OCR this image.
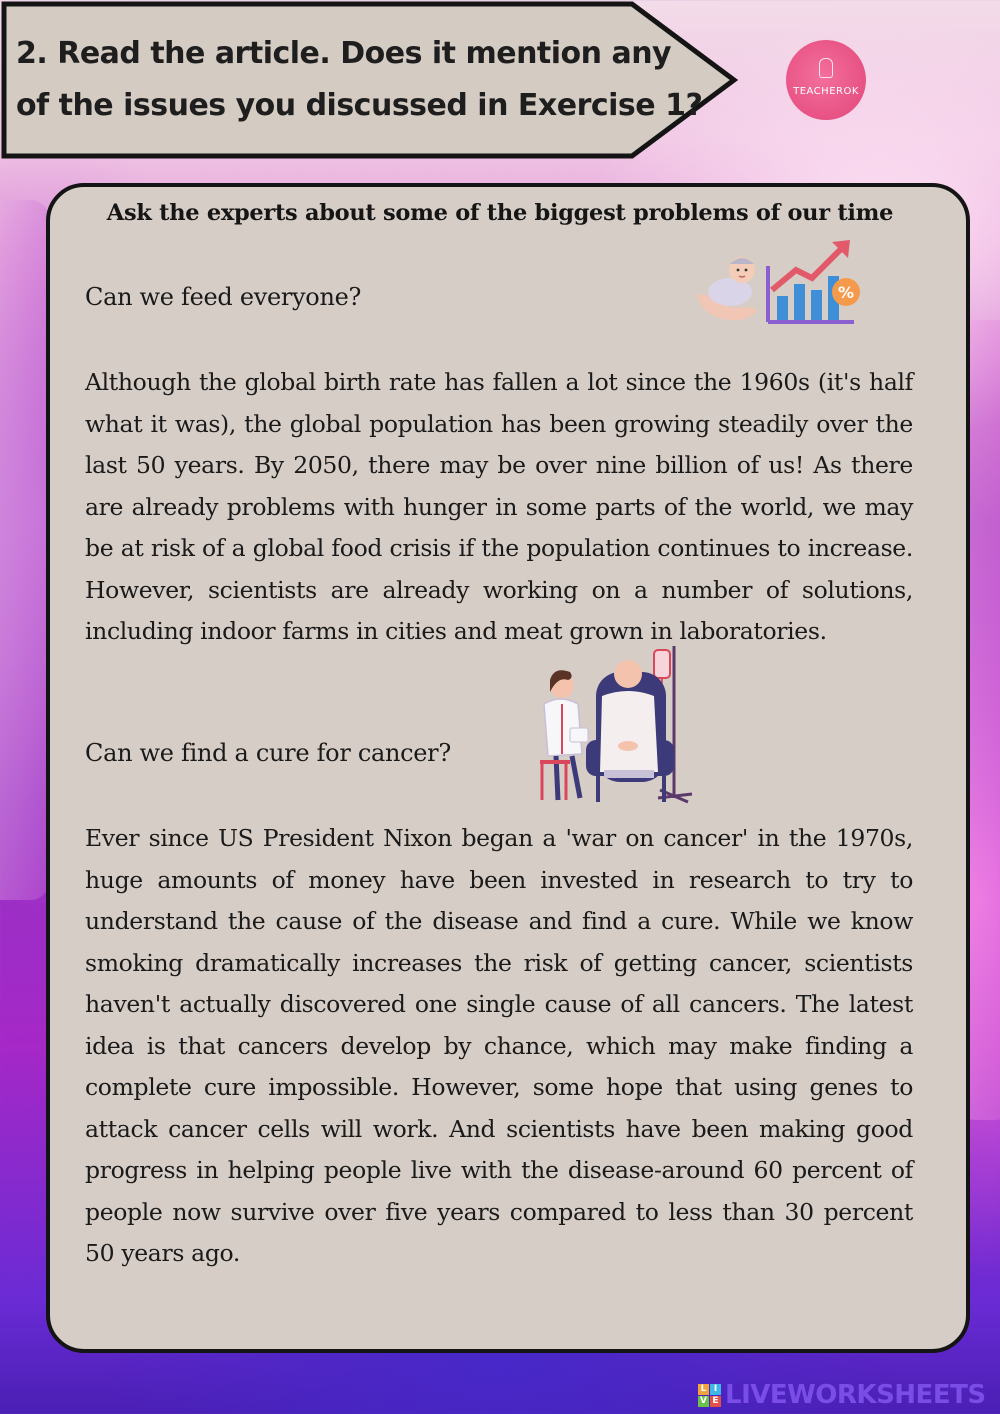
2. Read the article. Does it mention any of the issues you discussed in Exercise 1?	TEACHEROK
Ask the experts about some of the biggest problems of our time
Can we feed everyone?	%

Although the global birth rate has fallen a lot since the 1960s (it's half what it was), the global population has been growing steadily over the last 50 years. By 2050, there may be over nine billion of us! As there are already problems with hunger in some parts of the world, we may be at risk of a global food crisis if the population continues to increase. However, scientists are already working on a number of solutions, including indoor farms in cities and meat grown in laboratories.

Can we find a cure for cancer?

Ever since US President Nixon began a 'war on cancer' in the 1970s, huge amounts of money have been invested in research to try to understand the cause of the disease and find a cure. While we know smoking dramatically increases the risk of getting cancer, scientists haven't actually discovered one single cause of all cancers. The latest idea is that cancers develop by chance, which may make finding a complete cure impossible. However, some hope that using genes to attack cancer cells will work. And scientists have been making good progress in helping people live with the disease-around 60 percent of people now survive over five years compared to less than 30 percent 50 years ago.

L I
V E LIVEWORKSHEETS
